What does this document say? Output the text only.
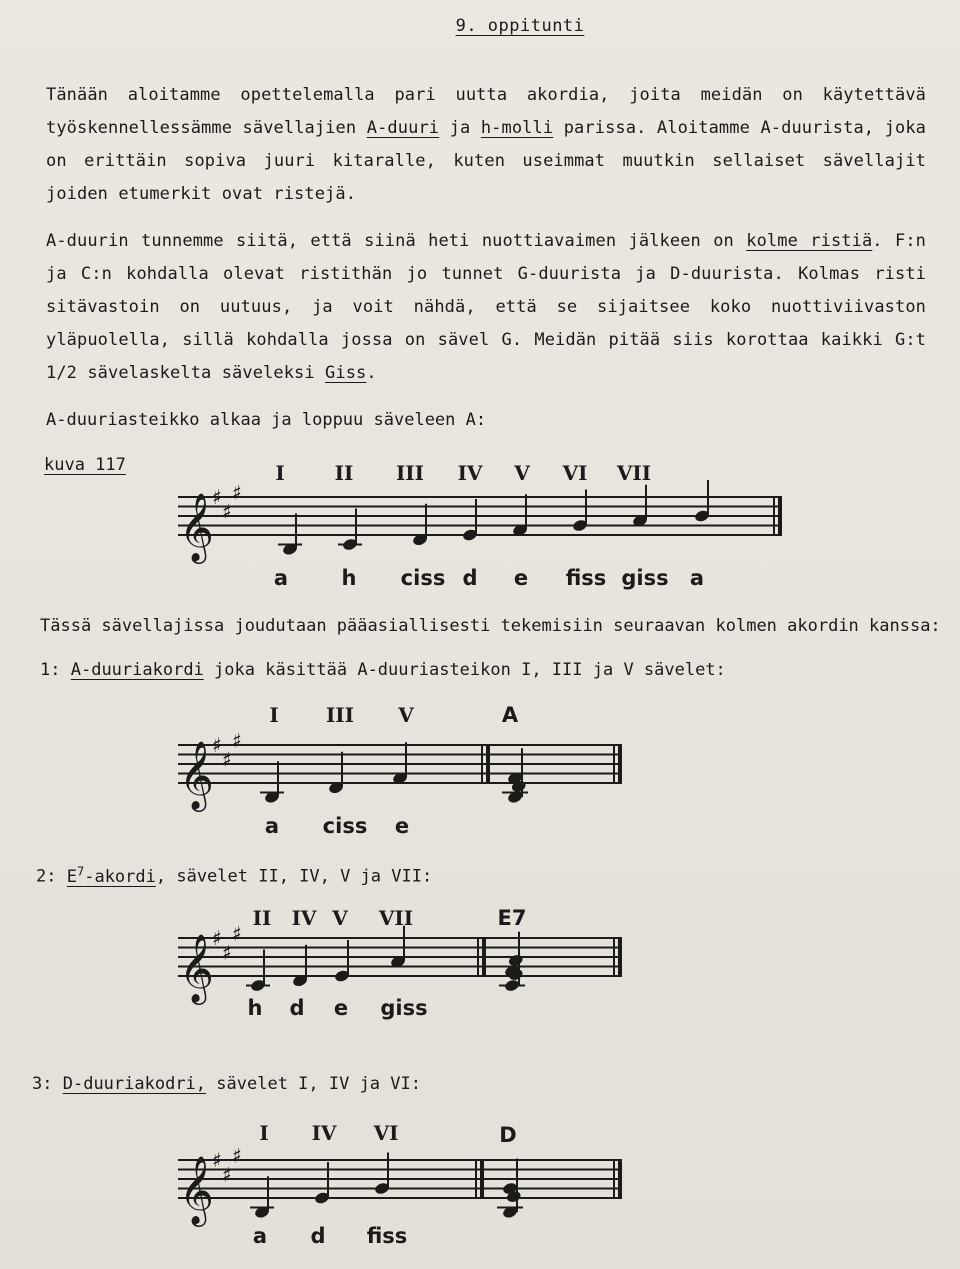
9. oppitunti
Tänään aloitamme opettelemalla pari uutta akordia, joita meidän on käytettävä työskennellessämme sävellajien A-duuri ja h-molli parissa. Aloitamme A-duurista, joka on erittäin sopiva juuri kitaralle, kuten useimmat muutkin sellaiset sävellajit joiden etumerkit ovat ristejä.
A-duurin tunnemme siitä, että siinä heti nuottiavaimen jälkeen on kolme ristiä. F:n ja C:n kohdalla olevat ristithän jo tunnet G-duurista ja D-duurista. Kolmas risti sitävastoin on uutuus, ja voit nähdä, että se sijaitsee koko nuottiviivaston yläpuolella, sillä kohdalla jossa on sävel G. Meidän pitää siis korottaa kaikki G:t 1/2 sävelaskelta säveleksi Giss.
A-duuriasteikko alkaa ja loppuu säveleen A:
kuva 117
𝄞
♯
♯
♯
I II III IV V VI VII
a	h ciss d e fiss giss a
𝄞
♯
♯
♯
I III V
a ciss e
A
𝄞
♯
♯
♯
II IV V VII
h d e giss
E7
𝄞
♯
♯
♯
I IV VI
a d fiss
D
Tässä sävellajissa joudutaan pääasiallisesti tekemisiin seuraavan kolmen akordin kanssa:
1: A-duuriakordi joka käsittää A-duuriasteikon I, III ja V sävelet:
2: $E^7$-akordi, sävelet II, IV, V ja VII:
3: D-duuriakodri, sävelet I, IV ja VI:
